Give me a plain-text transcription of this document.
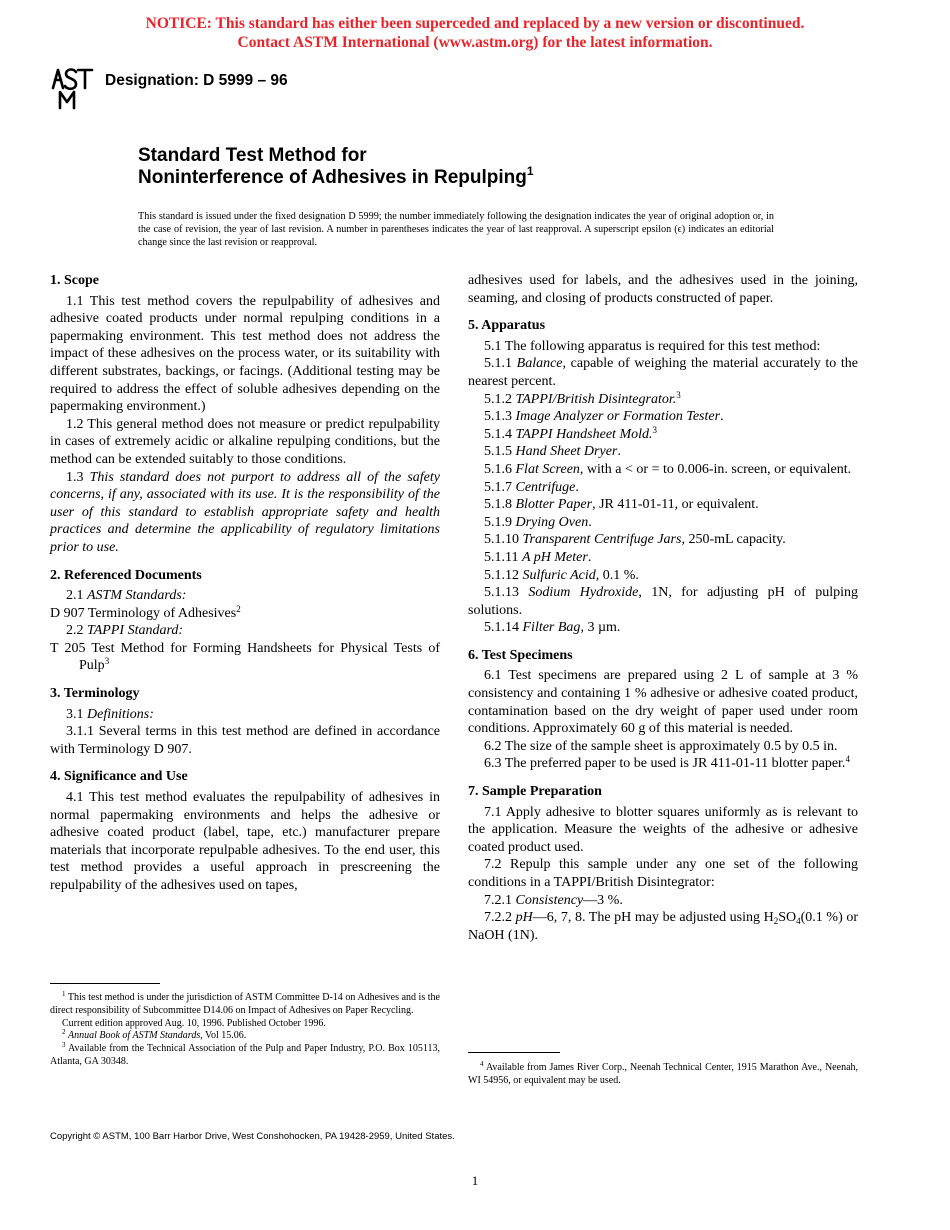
NOTICE: This standard has either been superceded and replaced by a new version or discontinued.
Contact ASTM International (www.astm.org) for the latest information.
Designation: D 5999 – 96
Standard Test Method for
Noninterference of Adhesives in Repulping$^1$
This standard is issued under the fixed designation D 5999; the number immediately following the designation indicates the year of original adoption or, in the case of revision, the year of last revision. A number in parentheses indicates the year of last reapproval. A superscript epsilon (ϵ) indicates an editorial change since the last revision or reapproval.
1. Scope

1.1 This test method covers the repulpability of adhesives and adhesive coated products under normal repulping conditions in a papermaking environment. This test method does not address the impact of these adhesives on the process water, or its suitability with different substrates, backings, or facings. (Additional testing may be required to address the effect of soluble adhesives depending on the papermaking environment.)

1.2 This general method does not measure or predict repulpability in cases of extremely acidic or alkaline repulping conditions, but the method can be extended suitably to those conditions.

1.3 This standard does not purport to address all of the safety concerns, if any, associated with its use. It is the responsibility of the user of this standard to establish appropriate safety and health practices and determine the applicability of regulatory limitations prior to use.

2. Referenced Documents

2.1 ASTM Standards:

D 907 Terminology of Adhesives$^2$

2.2 TAPPI Standard:

T 205 Test Method for Forming Handsheets for Physical Tests of Pulp$^3$

3. Terminology

3.1 Definitions:

3.1.1 Several terms in this test method are defined in accordance with Terminology D 907.

4. Significance and Use

4.1 This test method evaluates the repulpability of adhesives in normal papermaking environments and helps the adhesive or adhesive coated product (label, tape, etc.) manufacturer prepare materials that incorporate repulpable adhesives. To the end user, this test method provides a useful approach in prescreening the repulpability of the adhesives used on tapes,

$^1$ This test method is under the jurisdiction of ASTM Committee D-14 on Adhesives and is the direct responsibility of Subcommittee D14.06 on Impact of Adhesives on Paper Recycling.

Current edition approved Aug. 10, 1996. Published October 1996.

$^2$ Annual Book of ASTM Standards, Vol 15.06.

$^3$ Available from the Technical Association of the Pulp and Paper Industry, P.O. Box 105113, Atlanta, GA 30348.

adhesives used for labels, and the adhesives used in the joining, seaming, and closing of products constructed of paper.

5. Apparatus

5.1 The following apparatus is required for this test method:

5.1.1 Balance, capable of weighing the material accurately to the nearest percent.

5.1.2 TAPPI/British Disintegrator.$^3$

5.1.3 Image Analyzer or Formation Tester.

5.1.4 TAPPI Handsheet Mold.$^3$

5.1.5 Hand Sheet Dryer.

5.1.6 Flat Screen, with a < or = to 0.006-in. screen, or equivalent.

5.1.7 Centrifuge.

5.1.8 Blotter Paper, JR 411-01-11, or equivalent.

5.1.9 Drying Oven.

5.1.10 Transparent Centrifuge Jars, 250-mL capacity.

5.1.11 A pH Meter.

5.1.12 Sulfuric Acid, 0.1 %.

5.1.13 Sodium Hydroxide, 1N, for adjusting pH of pulping solutions.

5.1.14 Filter Bag, 3 µm.

6. Test Specimens

6.1 Test specimens are prepared using 2 L of sample at 3 % consistency and containing 1 % adhesive or adhesive coated product, contamination based on the dry weight of paper used under room conditions. Approximately 60 g of this material is needed.

6.2 The size of the sample sheet is approximately 0.5 by 0.5 in.

6.3 The preferred paper to be used is JR 411-01-11 blotter paper.$^4$

7. Sample Preparation

7.1 Apply adhesive to blotter squares uniformly as is relevant to the application. Measure the weights of the adhesive or adhesive coated product used.

7.2 Repulp this sample under any one set of the following conditions in a TAPPI/British Disintegrator:

7.2.1 Consistency—3 %.

7.2.2 pH—6, 7, 8. The pH may be adjusted using $H_2SO_4(0.1$ %) or NaOH (1N).

$^4$ Available from James River Corp., Neenah Technical Center, 1915 Marathon Ave., Neenah, WI 54956, or equivalent may be used.

Copyright © ASTM, 100 Barr Harbor Drive, West Conshohocken, PA 19428-2959, United States.
1
